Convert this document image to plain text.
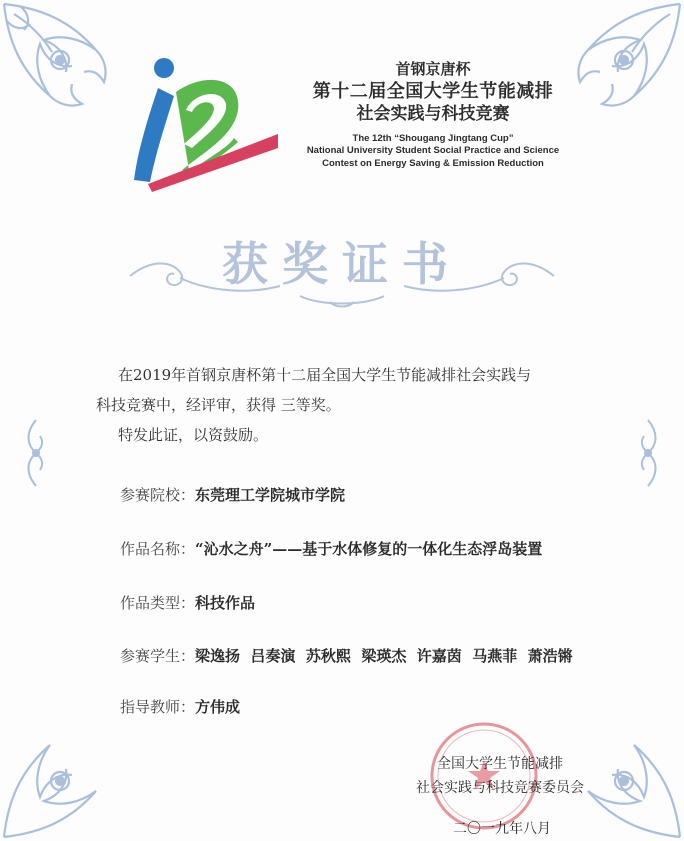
首钢京唐杯
第十二届全国大学生节能减排
社会实践与科技竞赛
The 12th “Shougang Jingtang Cup”
National University Student Social Practice and Science
Contest on Energy Saving & Emission Reduction
获奖证书

在2019年首钢京唐杯第十二届全国大学生节能减排社会实践与

科技竞赛中，经评审，获得 三等奖。

特发此证，以资鼓励。

参赛院校：东莞理工学院城市学院
作品名称：“沁水之舟”——基于水体修复的一体化生态浮岛装置
作品类型：科技作品
参赛学生：梁逸扬  吕奏演  苏秋熙  梁瑛杰  许嘉茵  马燕菲  萧浩锵
指导教师：方伟成
全国大学生节能减排
社会实践与科技竞赛委员会
二〇一九年八月
